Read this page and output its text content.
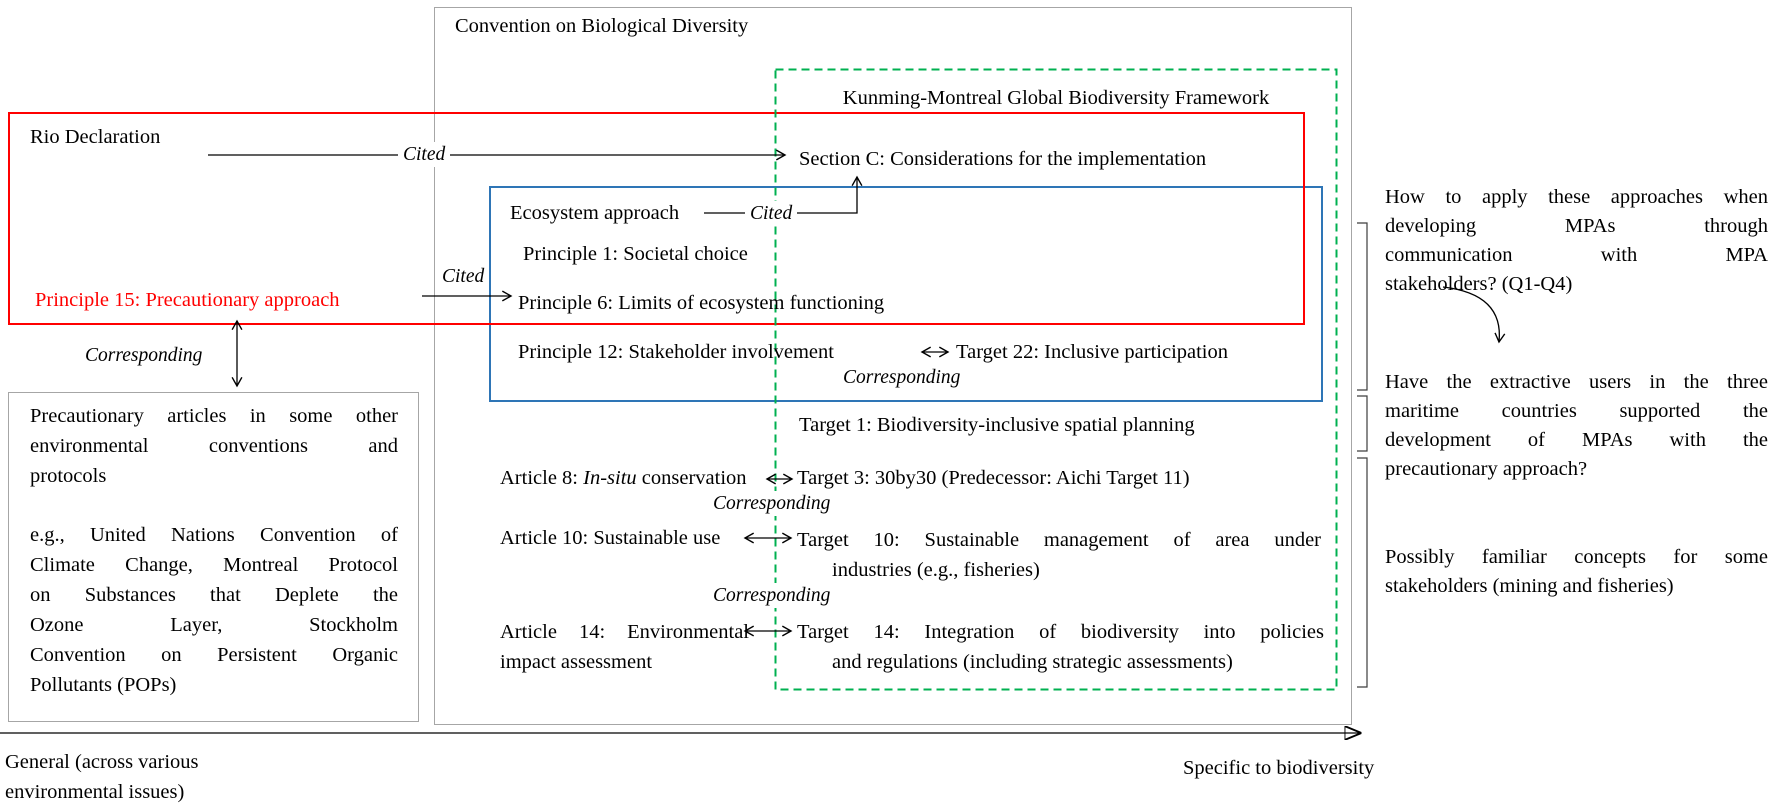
Convention on Biological Diversity
Kunming-Montreal Global Biodiversity Framework
Rio Declaration
Section C: Considerations for the implementation
Cited
Cited
Cited
Corresponding
Corresponding
Corresponding
Corresponding
Ecosystem approach
Principle 1: Societal choice
Principle 6: Limits of ecosystem functioning
Principle 12: Stakeholder involvement	Target 22: Inclusive participation
Principle 15: Precautionary approach
Precautionary articles in some other
environmental conventions and
protocols
e.g., United Nations Convention of
Climate Change, Montreal Protocol
on Substances that Deplete the
Ozone Layer, Stockholm
Convention on Persistent Organic
Pollutants (POPs)
Target 1: Biodiversity-inclusive spatial planning
Article 8: In-situ conservation Target 3: 30by30 (Predecessor: Aichi Target 11)
Article 10: Sustainable use	Target 10: Sustainable management of area under
industries (e.g., fisheries)
Article 14: Environmental
impact assessment
Target 14: Integration of biodiversity into policies
and regulations (including strategic assessments)
How to apply these approaches when
developing MPAs through
communication with MPA
stakeholders? (Q1-Q4)
Have the extractive users in the three
maritime countries supported the
development of MPAs with the
precautionary approach?
Possibly familiar concepts for some
stakeholders (mining and fisheries)
General (across various
environmental issues)
Specific to biodiversity
